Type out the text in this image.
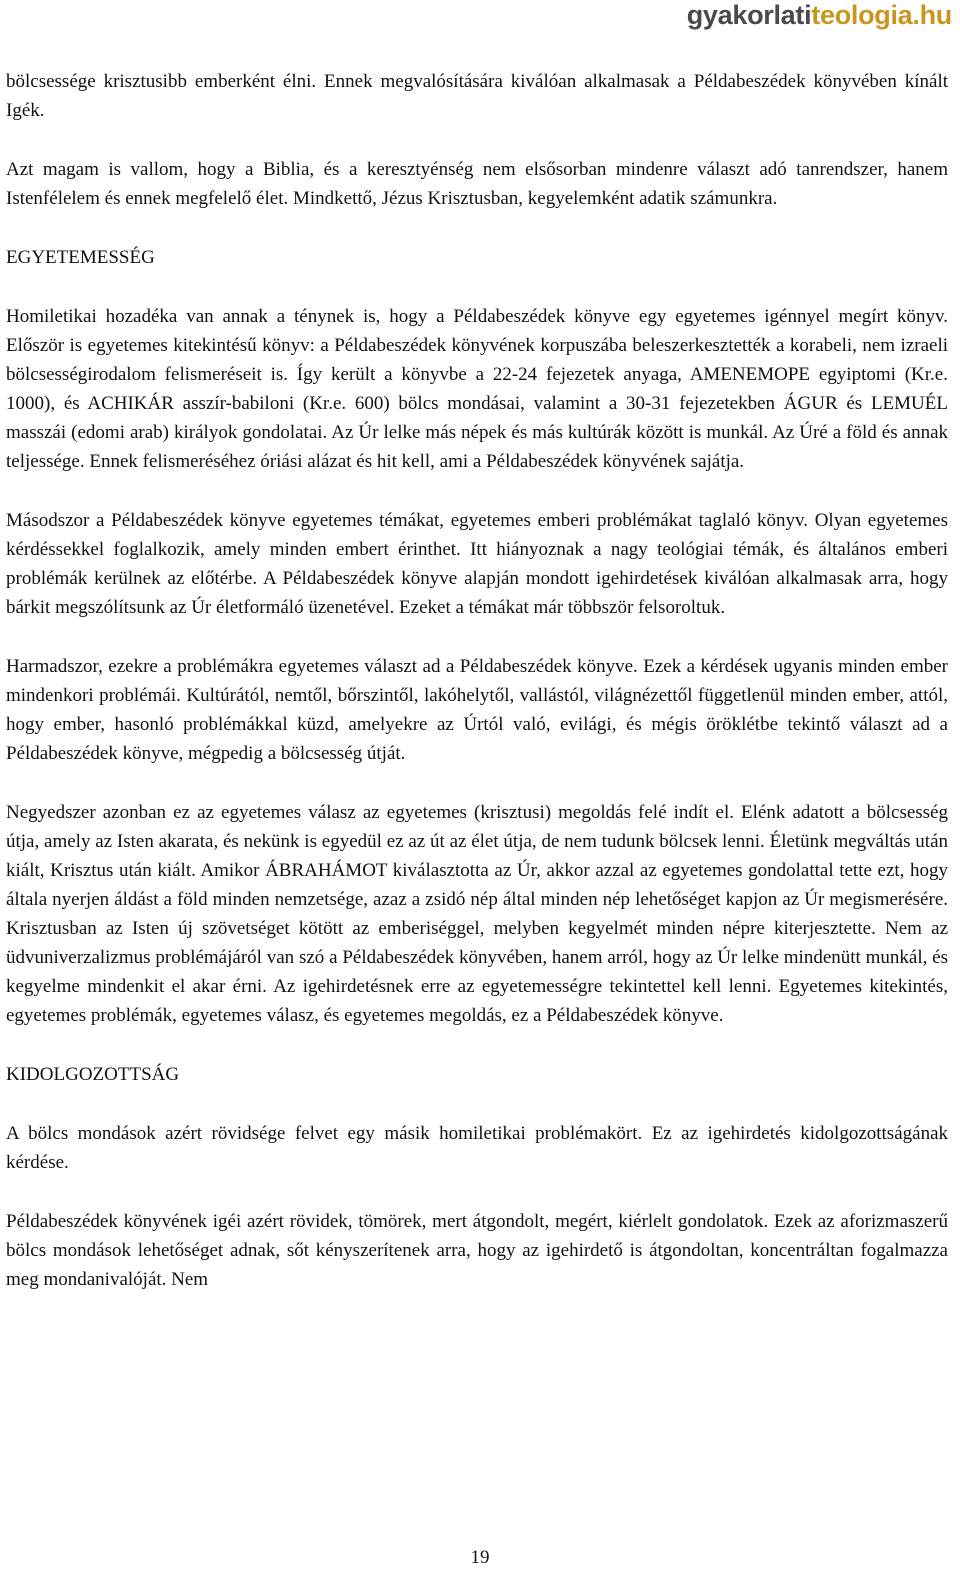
gyakorlatiteologia.hu

bölcsessége krisztusibb emberként élni. Ennek megvalósítására kiválóan alkalmasak a Példabeszédek könyvében kínált Igék.

Azt magam is vallom, hogy a Biblia, és a keresztyénség nem elsősorban mindenre választ adó tanrendszer, hanem Istenfélelem és ennek megfelelő élet. Mindkettő, Jézus Krisztusban, kegyelemként adatik számunkra.

EGYETEMESSÉG

Homiletikai hozadéka van annak a ténynek is, hogy a Példabeszédek könyve egy egyetemes igénnyel megírt könyv. Először is egyetemes kitekintésű könyv: a Példabeszédek könyvének korpuszába beleszerkesztették a korabeli, nem izraeli bölcsességirodalom felismeréseit is. Így került a könyvbe a 22-24 fejezetek anyaga, AMENEMOPE egyiptomi (Kr.e. 1000), és ACHIKÁR asszír-babiloni (Kr.e. 600) bölcs mondásai, valamint a 30-31 fejezetekben ÁGUR és LEMUÉL masszái (edomi arab) királyok gondolatai. Az Úr lelke más népek és más kultúrák között is munkál. Az Úré a föld és annak teljessége. Ennek felismeréséhez óriási alázat és hit kell, ami a Példabeszédek könyvének sajátja.

Másodszor a Példabeszédek könyve egyetemes témákat, egyetemes emberi problémákat taglaló könyv. Olyan egyetemes kérdéssekkel foglalkozik, amely minden embert érinthet. Itt hiányoznak a nagy teológiai témák, és általános emberi problémák kerülnek az előtérbe. A Példabeszédek könyve alapján mondott igehirdetések kiválóan alkalmasak arra, hogy bárkit megszólítsunk az Úr életformáló üzenetével. Ezeket a témákat már többször felsoroltuk.

Harmadszor, ezekre a problémákra egyetemes választ ad a Példabeszédek könyve. Ezek a kérdések ugyanis minden ember mindenkori problémái. Kultúrától, nemtől, bőrszintől, lakóhelytől, vallástól, világnézettől függetlenül minden ember, attól, hogy ember, hasonló problémákkal küzd, amelyekre az Úrtól való, evilági, és mégis öröklétbe tekintő választ ad a Példabeszédek könyve, mégpedig a bölcsesség útját.

Negyedszer azonban ez az egyetemes válasz az egyetemes (krisztusi) megoldás felé indít el. Elénk adatott a bölcsesség útja, amely az Isten akarata, és nekünk is egyedül ez az út az élet útja, de nem tudunk bölcsek lenni. Életünk megváltás után kiált, Krisztus után kiált. Amikor ÁBRAHÁMOT kiválasztotta az Úr, akkor azzal az egyetemes gondolattal tette ezt, hogy általa nyerjen áldást a föld minden nemzetsége, azaz a zsidó nép által minden nép lehetőséget kapjon az Úr megismerésére. Krisztusban az Isten új szövetséget kötött az emberiséggel, melyben kegyelmét minden népre kiterjesztette. Nem az üdvuniverzalizmus problémájáról van szó a Példabeszédek könyvében, hanem arról, hogy az Úr lelke mindenütt munkál, és kegyelme mindenkit el akar érni. Az igehirdetésnek erre az egyetemességre tekintettel kell lenni. Egyetemes kitekintés, egyetemes problémák, egyetemes válasz, és egyetemes megoldás, ez a Példabeszédek könyve.

KIDOLGOZOTTSÁG

A bölcs mondások azért rövidsége felvet egy másik homiletikai problémakört. Ez az igehirdetés kidolgozottságának kérdése.

Példabeszédek könyvének igéi azért rövidek, tömörek, mert átgondolt, megért, kiérlelt gondolatok. Ezek az aforizmaszerű bölcs mondások lehetőséget adnak, sőt kényszerítenek arra, hogy az igehirdető is átgondoltan, koncentráltan fogalmazza meg mondanivalóját. Nem

19
